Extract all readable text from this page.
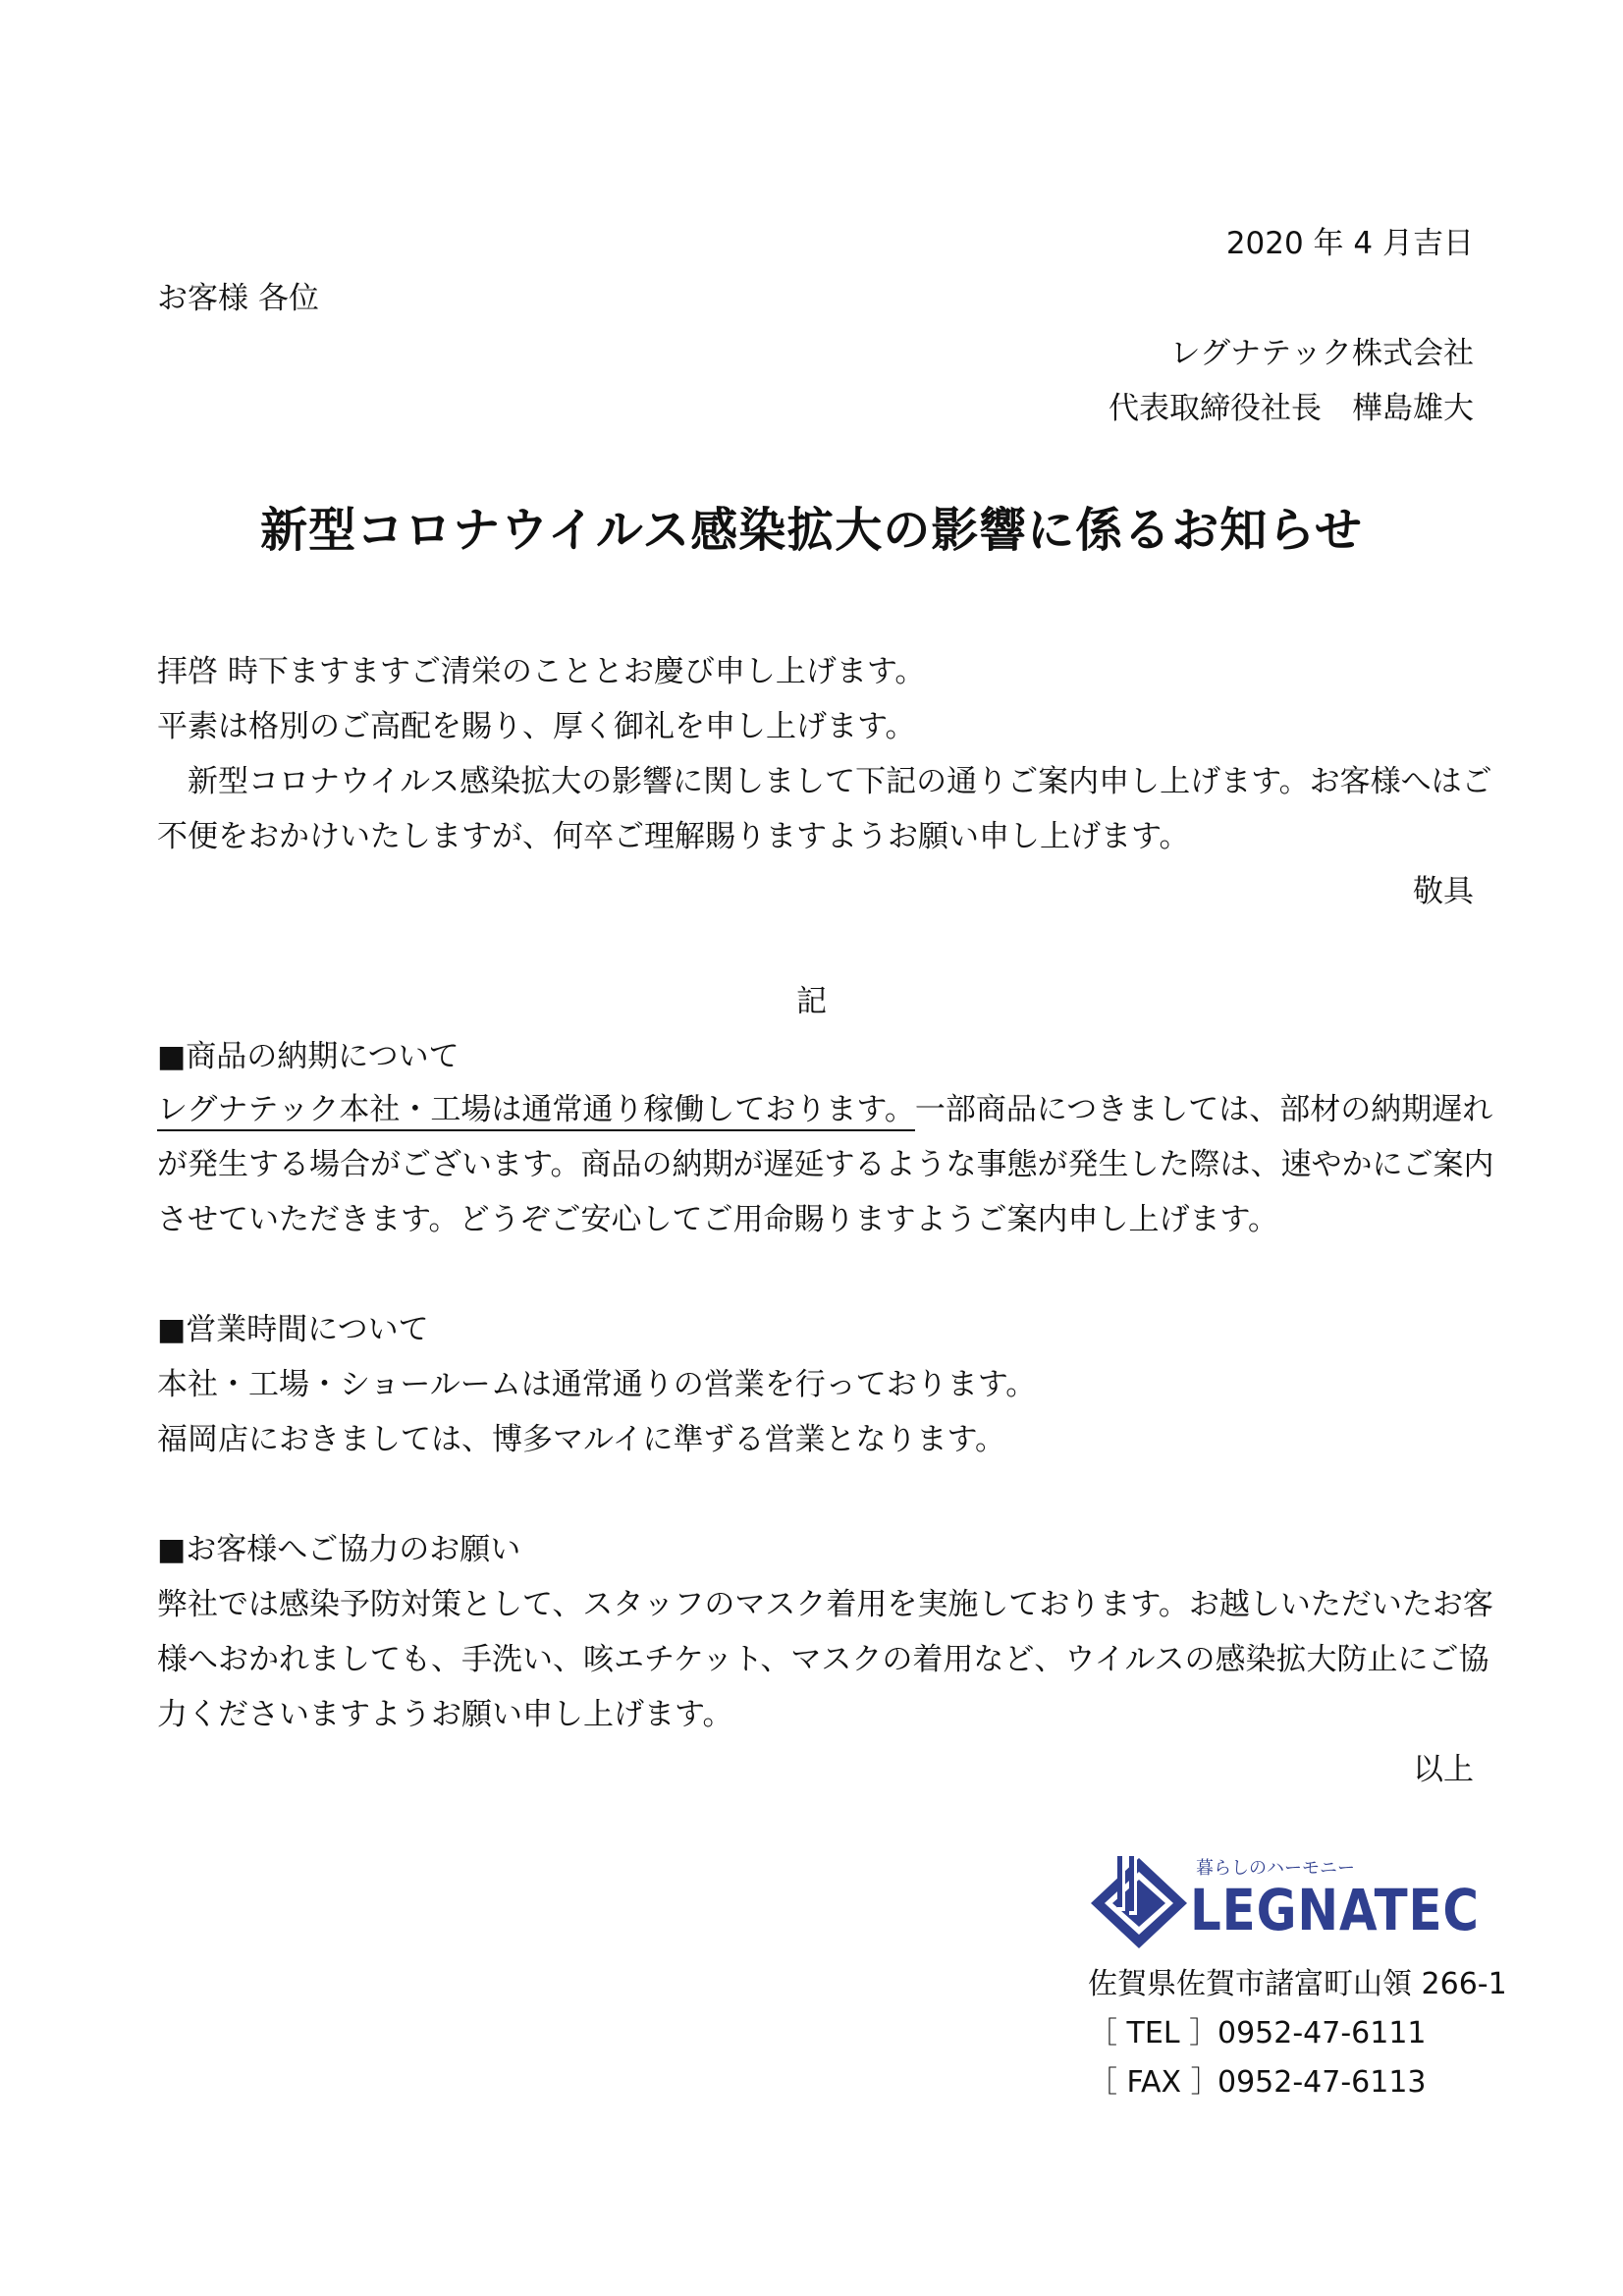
2020 年 4 月吉日
お客様 各位
レグナテック株式会社
代表取締役社長　樺島雄大
新型コロナウイルス感染拡大の影響に係るお知らせ
拝啓 時下ますますご清栄のこととお慶び申し上げます。
平素は格別のご高配を賜り、厚く御礼を申し上げます。
　新型コロナウイルス感染拡大の影響に関しまして下記の通りご案内申し上げます。お客様へはご
不便をおかけいたしますが、何卒ご理解賜りますようお願い申し上げます。
敬具
記
■商品の納期について
レグナテック本社・工場は通常通り稼働しております。一部商品につきましては、部材の納期遅れ
が発生する場合がございます。商品の納期が遅延するような事態が発生した際は、速やかにご案内
させていただきます。どうぞご安心してご用命賜りますようご案内申し上げます。
■営業時間について
本社・工場・ショールームは通常通りの営業を行っております。
福岡店におきましては、博多マルイに準ずる営業となります。
■お客様へご協力のお願い
弊社では感染予防対策として、スタッフのマスク着用を実施しております。お越しいただいたお客
様へおかれましても、手洗い、咳エチケット、マスクの着用など、ウイルスの感染拡大防止にご協
力くださいますようお願い申し上げます。
以上
暮らしのハーモニー
LEGNATEC
佐賀県佐賀市諸富町山領 266-1
［ TEL ］0952-47-6111
［ FAX ］0952-47-6113
